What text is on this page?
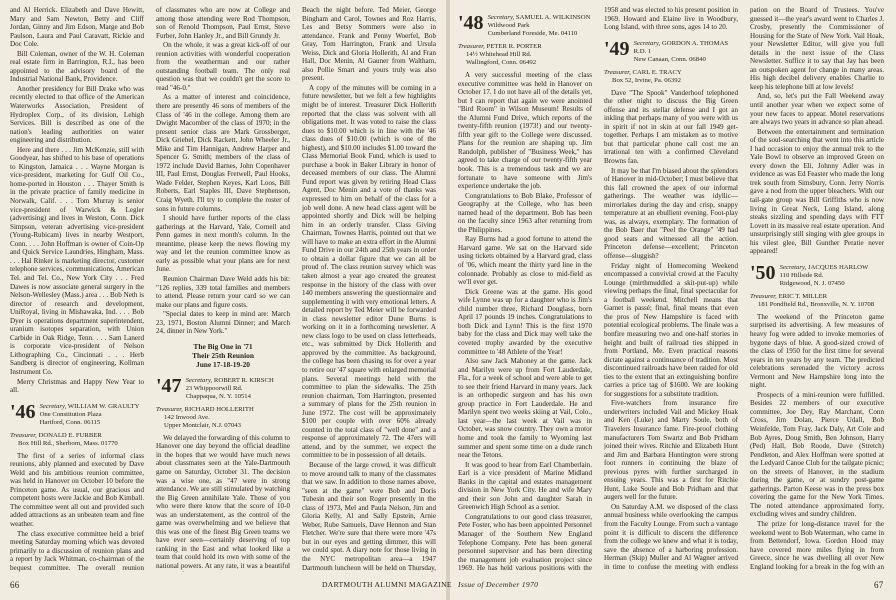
and Al Herrick. Elizabeth and Dave Hewitt, Mary and Sam Newton, Betty and Cliff Jordan, Ginny and Jim Edson, Marge and Bob Paulson, Laura and Paul Caravatt, Rickie and Doc Cole.

Bill Coleman, owner of the W. H. Coleman real estate firm in Barrington, R.I., has been appointed to the advisory board of the Industrial National Bank, Providence.

Another presidency for Bill Drake who was recently elected to that office of the American Waterworks Association, President of Hydroplex Corp., of its division, Lehigh Services. Bill is described as one of the nation's leading authorities on water engineering and distribution.

Here and there . . . Jim McKenzie, still with Goodyear, has shifted to his base of operations to Kingston, Jamaica . . . Wayne Morgan is vice-president, marketing for Gulf Oil Co., home-ported in Houston . . . Thayer Smith is in the private practice of family medicine in Norwalk, Calif. . . . Tom Murray is senior vice-president of Warwick & Legler (advertising) and lives in Weston, Conn. Dick Simpson, veteran advertising vice-president (Young-Rubicam) lives in nearby Westport, Conn. . . . John Hoffman is owner of Coin-Op and Quick Service Laundries, Hingham, Mass. . . . Hal Rinker is marketing director, customer telephone services, communications, American Tel. and Tel. Co., New York City . . . Fred Dawes is now associate general surgery in the Nelson-Wellesley (Mass.) area . . . Bob Neth is director of research and development, UniRoyal, living in Mishawaka, Ind. . . . Bob Dyer is operations department superintendent, uranium isotopes separation, with Union Carbide in Oak Ridge, Tenn. . . . Sam Lanerd is corporate vice-president of Nelson Lithographing Co., Cincinnati . . . Herb Sandberg is director of engineering, Kollman Instrument Co.

Merry Christmas and Happy New Year to all.

'46 Secretary, WILLIAM W. GRAULTY
One Constitution Plaza
Hartford, Conn. 06115
Treasurer, DONALD E. FURBER
Box Hill Rd., Sherborn, Mass. 01770

The first of a series of informal class reunions, ably planned and executed by Dave Weld and his ambitious reunion committee, was held in Hanover on October 10 before the Princeton game. As usual, our gracious and competent hosts were Jackie and Bob Kimball. The committee went all out and provided such added attractions as an unbeaten team and fine weather.

The class executive committee held a brief meeting Saturday morning which was devoted primarily to a discussion of reunion plans and a report by Jack Whitman, co-chairman of the bequest committee. The overall reunion

of classmates who are now at College and among those attending were Rod Thompson, son of Renold Thompson, Paul Ernst, Steve Furber, John Hanley Jr., and Bill Grundy Jr.

On the whole, it was a great kick-off of our reunion activities with wonderful cooperation from the weatherman and our rather outstanding football team. The only real question was that we couldn't get the score to read "46-0."

As a matter of interest and coincidence, there are presently 46 sons of members of the Class of '46 in the college. Among them are Dwight Macomber of the class of 1970; in the present senior class are Mark Grossberger, Dick Griebel, Dick Rackett, John Wheeler Jr., Mike and Tim Hannigan, Andrew Harper and Spencer G. Smith; members of the class of 1972 include David Barnes, John Copenhaver III, Paul Ernst, Douglas Fretwell, Paul Hooks, Wade Felder, Stephen Keyes, Karl Loos, Bill Roberts, Earl Staples III, Dave Stephenson, Craig Wyeth. I'll try to complete the roster of sons in future columns.

I should have further reports of the class gatherings at the Harvard, Yale, Cornell and Penn games in next month's column. In the meantime, please keep the news flowing my way and let the reunion committee know as early as possible what your plans are for next June.

Reunion Chairman Dave Weld adds his bit: "126 replies, 339 total families and members to attend. Please return your card so we can make our plans and figure costs.

"Special dates to keep in mind are: March 23, 1971, Boston Alumni Dinner; and March 24, dinner in New York."

The Big One in '71
Their 25th Reunion
June 17-18-19-20
'47 Secretary, ROBERT R. KIRSCH
23 Whippoorwill Rd.
Chappaqua, N. Y. 10514
Treasurer, RICHARD HOLLERITH
142 Inwood Ave.
Upper Montclair, N.J. 07043

We delayed the forwarding of this column to Hanover one day beyond the official deadline in the hopes that we would have much news about classmates seen at the Yale-Dartmouth game on Saturday, October 31. The decision was a wise one, as "47 were in strong attendance. We are still stimulated by watching the Big Green annihilate Yale. Those of you who were there know that the score of 10-0 was an understatement, as the control of the game was overwhelming and we believe that this was one of the finest Big Green teams we have ever seen—certainly deserving of top ranking in the East and what looked like a team that could hold its own with some of the national powers. At any rate, it was a beautiful

Beach the night before. Ted Meier, George Bingham and Carol, Townes and Roz Harris, Les and Betsy Sommers were also in attendance. Frank and Penny Woerfel, Bob Gray, Tom Harrington, Frank and Ursula Weiss, Dick and Gloria Hollerith, Al and Fran Hall, Doc Menin, Al Gauner from Waltham, also Pollie Smart and yours truly was also present.

A copy of the minutes will be coming in a future newsletter, but we felt a few highlights might be of interest. Treasurer Dick Hollerith reported that the class was solvent with all obligations met. It was voted to raise the class dues to $10.00 which is in line with the '46 class dues of $10.00 (which is one of the highest), and $10.00 includes $1.00 toward the Class Memorial Book Fund, which is used to purchase a book in Baker Library in honor of deceased members of our class. The Alumni Fund report was given by retiring Head Class Agent, Doc Menin and a vote of thanks was expressed to him on behalf of the class for a job well done. A new head class agent will be appointed shortly and Dick will be helping him in an orderly transfer. Class Giving Chairman, Townes Harris, pointed out that we will have to make an extra effort in the Alumni Fund Drive in our 24th and 25th years in order to obtain a dollar figure that we can all be proud of. The class reunion survey which was taken almost a year ago created the greatest response in the history of the class with over 140 members answering the questionnaire and supplementing it with very emotional letters. A detailed report by Ted Meier will be forwarded in class newsletter editor Dune Burns is working on it in a forthcoming newsletter. A new class logo to be used on class letterheads, etc., was submitted by Dick Hollerith and approved by the committee. As background, the college has been chasing us for over a year to retire our '47 square with enlarged memorial plans. Several meetings held with the committee to plan the sidewalks. The 25th reunion chairman, Tom Harrington, presented a summary of plans for the 25th reunion in June 1972. The cost will be approximately $100 per couple with over 60% already counted in the total class of "well done" and a response of approximately 72. The 47ers will attend, and by the summer, we expect the committee to be in possession of all details.

Because of the large crowd, it was difficult to move around talk to many of the classmates that we saw. In addition to those names above, "seen at the game" were Bob and Doris Tubesin and their son Roger presently in the class of 1973, Mel and Paula Nelson, Jim and Gloria Kelly, Al and Sally Epstein, Arnie Weber, Rube Samuels, Dave Hennon and Stan Fletcher. We're sure that there were more '47s but in our eyes and getting dimmer, this will we could spot. A diary note for those living in the NYC metropolitan area—a 1947 Dartmouth luncheon will be held on Thursday,

'48 Secretary, SAMUEL A. WILKINSON
Wildwood Park
Cumberland Foreside, Me. 04110
Treasurer, PETER R. PORTER
14½ Whitehead Hill Rd.
Wallingford, Conn. 06492

A very successful meeting of the class executive committee was held in Hanover on October 17. I do not have all of the details yet, but I can report that again we were anointed "Bird Room" in Wilson Museum! Results of the Alumni Fund Drive, which reports of the twenty-fifth reunion (1973!) and our twenty-fifth year gift to the College were discussed. Plans for the reunion are shaping up. Jim Randolph, publisher of "Business Week," has agreed to take charge of our twenty-fifth year book. This is a tremendous task and we are fortunate to have someone with Jim's experience undertake the job.

Congratulations to Bob Blake, Professor of Geography at the College, who has been named head of the department. Bob has been on the faculty since 1963 after returning from the Philippines.

Ray Burns had a good fortune to attend the Harvard game. We sat on the Harvard side using tickets obtained by a Harvard grad, class of '06, which meant the thirty yard line in the colonnade. Probably as close to mid-field as we'll ever get.

Dick Greene was at the game. His good wife Lynne was up for a daughter who is Jim's child number three, Richard Douglass, born April 17 pounds 19 inches. Congratulations to both Dick and Lynn! This is the first 1970 baby for the class and Dick may well take the coveted trophy awarded by the executive committee to '48 Athlete of the Year!

Also saw Jack Mahoney at the game. Jack and Marilyn were up from Fort Lauderdale, Fla., for a week of school and were able to get to see their friend Harvard in many years. Jack is an orthopedic surgeon and has his own group practice in Fort Lauderdale. He and Marilyn spent two weeks skiing at Vail, Colo., last year—the last week at Vail was in October, was snow country. They own a motor home and took the family to Wyoming last summer and spent some time on a dude ranch near the Tetons.

It was good to hear from Earl Chamberlain. Earl is a vice president of Marine Midland Banks in the capital and estates management division in New York City. He and wife Mary and their son John and daughter Sarah in Greenwich High School as a senior.

Congratulations to our good class treasurer, Pete Foster, who has been appointed Personnel Manager of the Southern New England Telephone Company. Pete has been general personnel supervisor and has been directing the management job evaluation project since 1969. He has held various positions with the

1958 and was elected to his present position in 1969. Howard and Elaine live in Woodbury, Long Island, with three sons, ages 14 to 20.

'49 Secretary, GORDON A. THOMAS
R.D. 1
New Canaan, Conn. 06840
Treasurer, CARL E. TRACY
Box 52, Irvine, Pa. 06392

Dave "The Spook" Vanderhoof telephoned the other night to discuss the Big Green offense and its stellar defense and I got an inkling that perhaps many of you were with us in spirit if not in skin at our fall 1949 get-together. Perhaps I am mistaken as to motive but that particular phone call cost me an irrational ten with a confirmed Cleveland Browns fan.

It may be that I'm biased about the splendors of Hanover in mid-October; I must believe that this fall crowned the apex of our informal gatherings. The weather was idyllic—mirrorlakes during the day and crisp, snappy temperature at an ebullient evening. Foot-play was, as always, exemplary. The formation of the Bob Baer that "Peel the Orange" '49 had good seats and witnessed all the action. Princeton defense—excellent; Princeton offense—sluggish?

Friday night of Homecoming Weekend encompassed a convivial crowd at the Faculty Lounge (mirthmuddled a skit-put-up) while viewing perhaps the final, final spectacular for a football weekend. Mitchell means that Garnet is passé; final, final means that even the pros of New Hampshire is faced with potential ecological problems. The finale was a bonfire measuring two and one-half stories in height and built of railroad ties shipped in from Portland, Me. Even practical reasons dictate against a continuance of tradition. Most discontinued railroads have been raided for old ties to the extent that an extinguishing bonfire carries a price tag of $1600. We are looking for suggestions for a substitute tradition.

Five-watchers from insurance fire underwriters included Vail and Mickey Hoak and Ken (Luke) and Marty Soule, both of Travelers Insurance fame. Fire-proof clothing manufacturers Tom Swartz and Bob Pridham joined their wives. Ritchie and Elizabeth Hunt and Jim and Barbara Huntington were strong foot runners in continuing the blaze of previous pyres with further surcharged in ensuing years. This was a first for Ritchie Hunt, Luke Soule and Bob Pridham and that augers well for the future.

On Saturday A.M. we disposed of the class annual business while overlooking the campus from the Faculty Lounge. From such a vantage point it is difficult to discern the difference from the college we knew and what it is today, save the absence of a harboring profession. Herman (Skip) Muller and Al Wagner arrived in time to confuse the meeting with endless

pation on the Board of Trustees. You've guessed it—the year's award went to Charles J. Crosby, presently the Commissioner of Housing for the State of New York. Vail Hoak, your Newsletter Editor, will give you full details in the next issue of the Class Newsletter. Suffice it to say that Jay has been an outspoken agent for change in many areas. His high decibel delivery enables Charlie to keep his telephone bill at low levels!

And, so, let's put the Fall Weekend away until another year when we expect some of your new faces to appear. Motel reservations are always two years in advance so plan ahead.

Between the entertainment and termination of the soul-searching that went into this article I had occasion to enjoy the annual trek to the Yale Bowl to observe an improved Green on every down the Eli. Johnny Adler was in evidence as was Ed Feaster who made the long trek south from Simsbury, Conn. Jerry Norris gave a nod from the upper bleachers. With our tail-gate group was Bill Griffiths who is now living in Great Neck, Long Island, along steaks sizzling and spending days with FTT Lovett in its massive real estate operation. And unsurprisingly still singing with glee groups in his vilest glee, Bill Gunther Peratie never appeared!

'50 Secretary, JACQUES HARLOW
110 Hillside Rd.
Ridgewood, N. J. 07450
Treasurer, ERIC T. MILLER
181 Pondfield Rd., Bronxville, N. Y. 10708

The weekend of the Princeton game surprised its advertising. A few measures of heavy fog were added to invoke memories of bygone days of blue. A good-sized crowd of the class of 1950 for the first time for several years in ten years by any team. The predicted celebrations serenaded the victory across Vermont and New Hampshire long into the night.

Prospects of a mini-reunion were fulfilled. Besides 22 members of our executive committee, Joe Dey, Ray Marchant, Conn Cross, Jim Dolan, Pierce Udall, Bob Weinfelde, Tom Fray, Jack Daly, Art Cole and Bob Ayres, Doug Smith, Ben Johnson, Harry (Ped) Hall, Bob Roode, Dave (Stretch) Pendleton, and Alex Hoffman were spotted at the Ledyard Canoe Club for the tailgate picnic; on the streets of Hanover, in the stadium during the game, or at sundry post-game gatherings. Parton Keese was in the press box covering the game for the New York Times. The noted attendance approximated forty, excluding wives and sundry children.

The prize for long-distance travel for the weekend went to Bob Waterman, who came in from Bettendorf, Iowa. Gordon Hood may have covered more miles flying in from Greece, since he was dwelling all over New England looking for a break in the fog with an

66	DARTMOUTH ALUMNI MAGAZINE Issue of December 1970	67
